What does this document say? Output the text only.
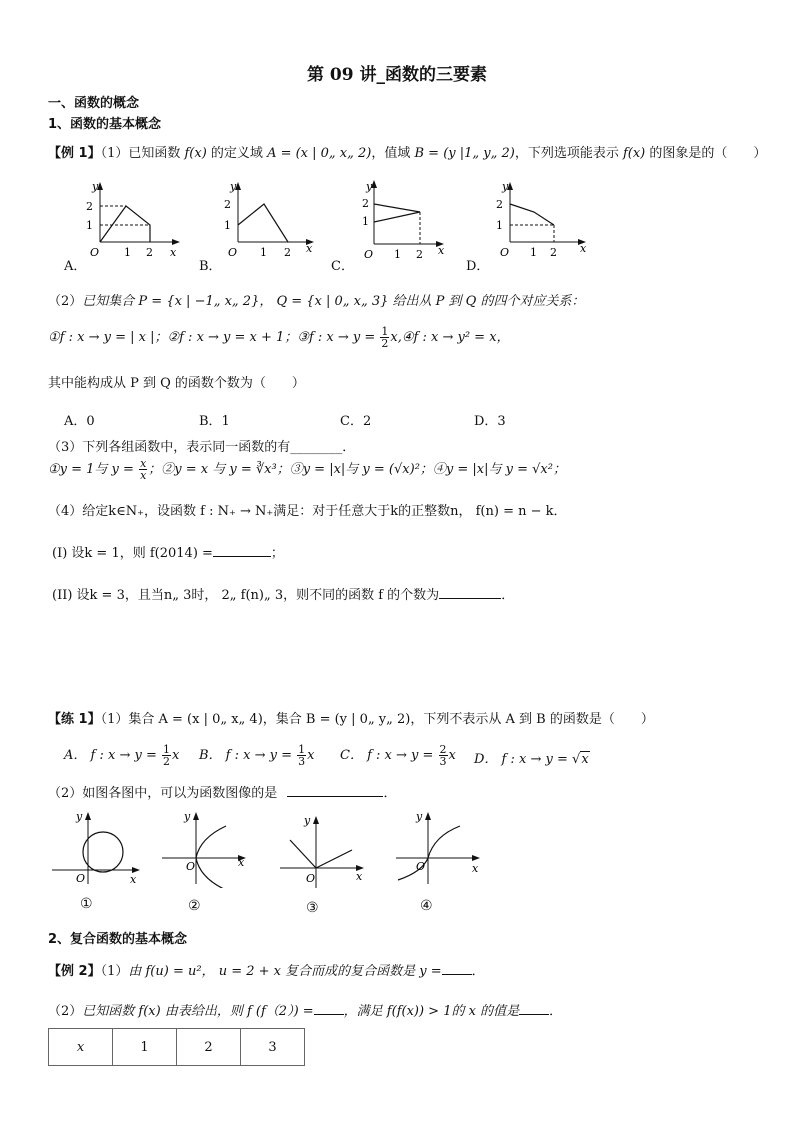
第 09 讲_函数的三要素
一、函数的概念
1、函数的基本概念
【例 1】（1）已知函数 f(x) 的定义域 A = (x | 0„ x„ 2)，值域 B = (y |1„ y„ 2)，下列选项能表示 f(x) 的图象是的（　　）
A．	B．	C．	D．
y
2
1
O 1 2 x
y
2
1
O 1 2 x
y
2
1
O 1 2 x
y
2
1
O 1 2 x
（2）已知集合 P = {x | −1„ x„ 2}， Q = {x | 0„ x„ 3} 给出从 P 到 Q 的四个对应关系：
①f : x → y = | x |；②f : x → y = x + 1；③f : $x \to y = \frac{1}{2}$ x,④f : x → y² = x，
其中能构成从 P 到 Q 的函数个数为（　　）
A．0	B．1	C．2	D．3
（3）下列各组函数中，表示同一函数的有________．
①y = 1与 $y = \frac{x}{x}$ ；②y = x 与 y = ∛x³；③y = |x|与 y = (√x)²；④y = |x|与 y = √x²；
（4）给定k∈N₊，设函数 f : N₊ → N₊满足：对于任意大于k的正整数n， f(n) = n − k．
(I) 设k = 1，则 f(2014) =	；
(II) 设k = 3，且当n„ 3时， 2„ f(n)„ 3，则不同的函数 f 的个数为	．
【练 1】（1）集合 A = (x | 0„ x„ 4)，集合 B = (y | 0„ y„ 2)，下列不表示从 A 到 B 的函数是（　　）
A． f : $x \to y = \frac{1}{2}$ x B． f : $x \to y = \frac{1}{3}$ x C． f : $x \to y = \frac{2}{3}$ x D． f : x → y = √x
（2）如图各图中，可以为函数图像的是	．
y
O	x
y
O	x
y
O	x
y
O	x
①	②	③	④
2、复合函数的基本概念
【例 2】（1）由 f(u) = u²， u = 2 + x 复合而成的复合函数是 y = ．
（2）已知函数 f(x) 由表给出，则 f (f（2）) = ，满足 f(f(x)) > 1的 x 的值是 ．
x	1	2	3
